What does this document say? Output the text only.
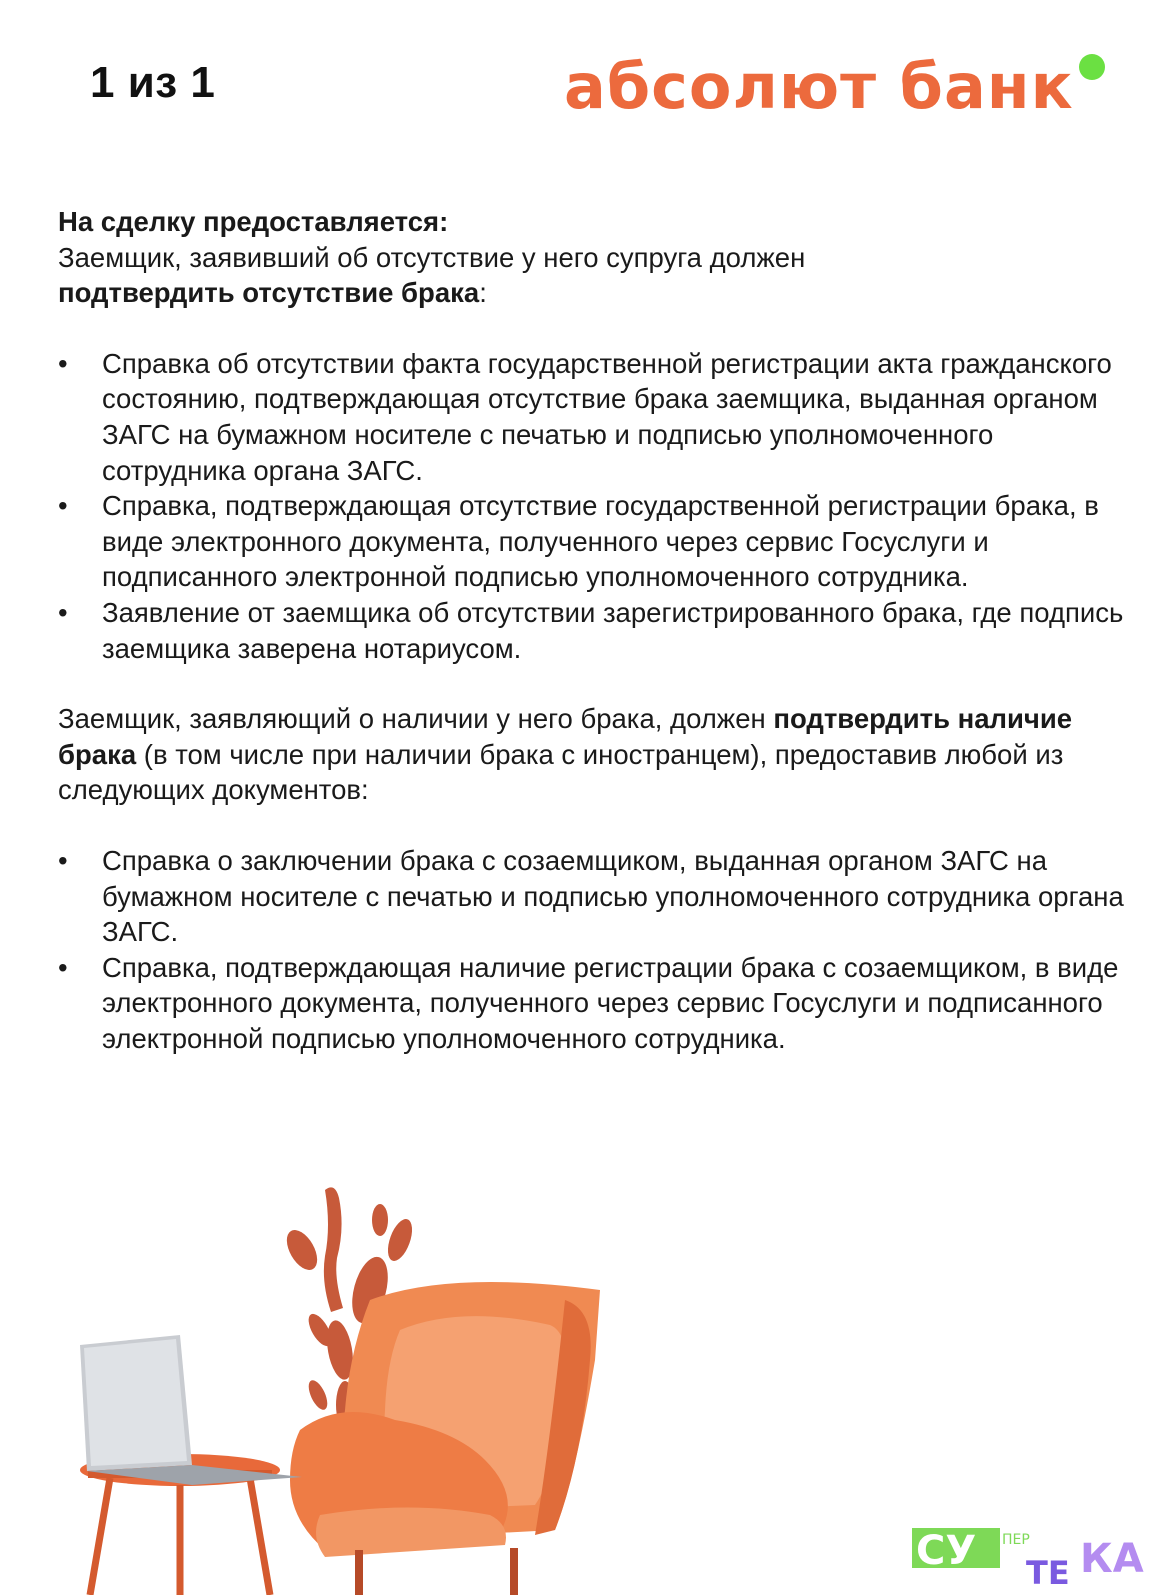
1 из 1	абсолют банк

На сделку предоставляется:

Заемщик, заявивший об отсутствие у него супруга должен
подтвердить отсутствие брака:

• Справка об отсутствии факта государственной регистрации акта гражданского состоянию, подтверждающая отсутствие брака заемщика, выданная органом ЗАГС на бумажном носителе с печатью и подписью уполномоченного сотрудника органа ЗАГС.
• Справка, подтверждающая отсутствие государственной регистрации брака, в виде электронного документа, полученного через сервис Госуслуги и подписанного электронной подписью уполномоченного сотрудника.
• Заявление от заемщика об отсутствии зарегистрированного брака, где подпись заемщика заверена нотариусом.

Заемщик, заявляющий о наличии у него брака, должен подтвердить наличие брака (в том числе при наличии брака с иностранцем), предоставив любой из следующих документов:

• Справка о заключении брака с созаемщиком, выданная органом ЗАГС на бумажном носителе с печатью и подписью уполномоченного сотрудника органа ЗАГС.
• Справка, подтверждающая наличие регистрации брака с созаемщиком, в виде электронного документа, полученного через сервис Госуслуги и подписанного электронной подписью уполномоченного сотрудника.
СУ ПЕР
ТЕ КА
